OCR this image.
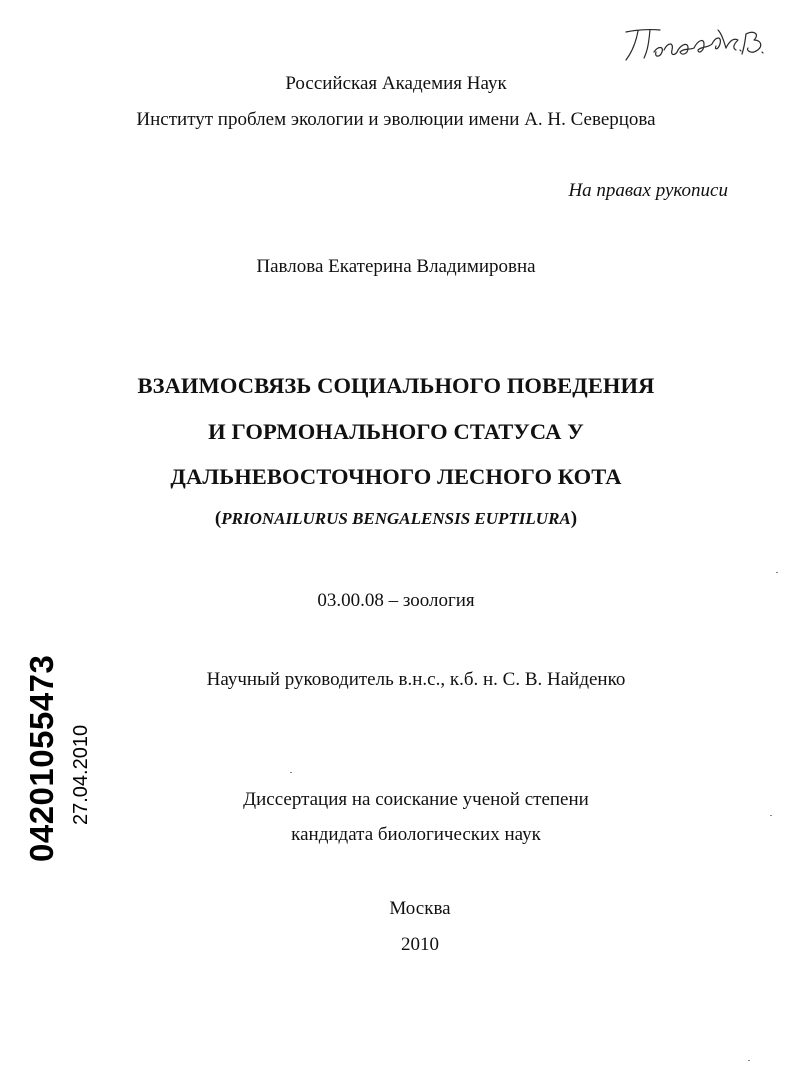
Российская Академия Наук
Институт проблем экологии и эволюции имени А. Н. Северцова
На правах рукописи
Павлова Екатерина Владимировна
ВЗАИМОСВЯЗЬ СОЦИАЛЬНОГО ПОВЕДЕНИЯ
И ГОРМОНАЛЬНОГО СТАТУСА У
ДАЛЬНЕВОСТОЧНОГО ЛЕСНОГО КОТА
(PRIONAILURUS BENGALENSIS EUPTILURA)
03.00.08 – зоология
Научный руководитель в.н.с., к.б. н. С. В. Найденко
Диссертация на соискание ученой степени
кандидата биологических наук
Москва
2010
04201055473 27.04.2010
